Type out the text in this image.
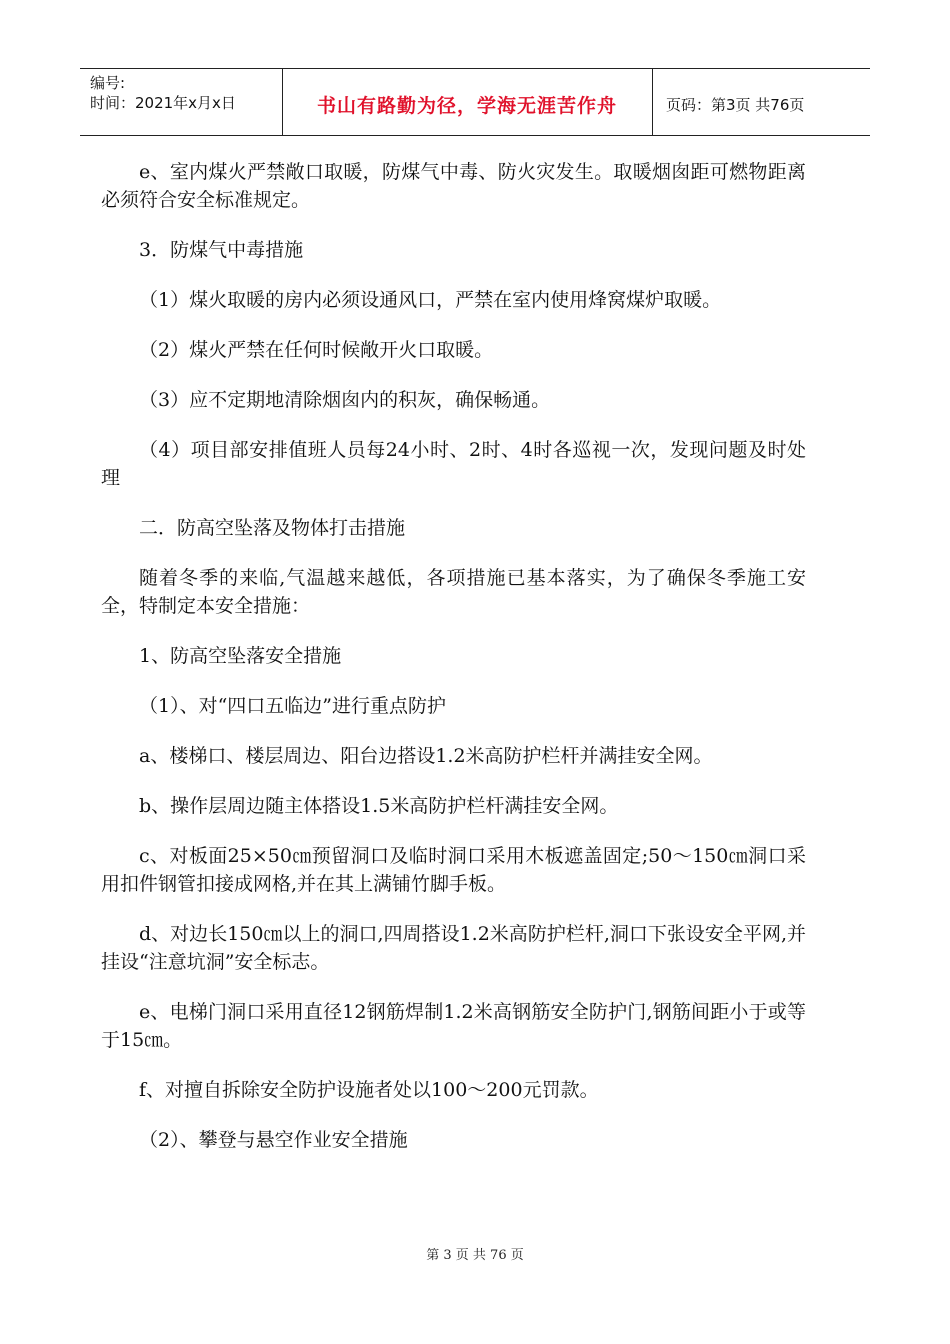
编号:
时间：2021年x月x日	书山有路勤为径，学海无涯苦作舟	页码：第3页 共76页

e、室内煤火严禁敞口取暖，防煤气中毒、防火灾发生。取暖烟囱距可燃物距离必须符合安全标准规定。

3．防煤气中毒措施

（1）煤火取暖的房内必须设通风口，严禁在室内使用烽窝煤炉取暖。

（2）煤火严禁在任何时候敞开火口取暖。

（3）应不定期地清除烟囱内的积灰，确保畅通。

（4）项目部安排值班人员每24小时、2时、4时各巡视一次，发现问题及时处理

二．防高空坠落及物体打击措施

随着冬季的来临,气温越来越低，各项措施已基本落实，为了确保冬季施工安全，特制定本安全措施：

1、防高空坠落安全措施

（1）、对“四口五临边”进行重点防护

a、楼梯口、楼层周边、阳台边搭设1.2米高防护栏杆并满挂安全网。

b、操作层周边随主体搭设1.5米高防护栏杆满挂安全网。

c、对板面25×50㎝预留洞口及临时洞口采用木板遮盖固定;50～150㎝洞口采用扣件钢管扣接成网格,并在其上满铺竹脚手板。

d、对边长150㎝以上的洞口,四周搭设1.2米高防护栏杆,洞口下张设安全平网,并挂设“注意坑洞”安全标志。

e、电梯门洞口采用直径12钢筋焊制1.2米高钢筋安全防护门,钢筋间距小于或等于15㎝。

f、对擅自拆除安全防护设施者处以100～200元罚款。

（2）、攀登与悬空作业安全措施

第 3 页 共 76 页
